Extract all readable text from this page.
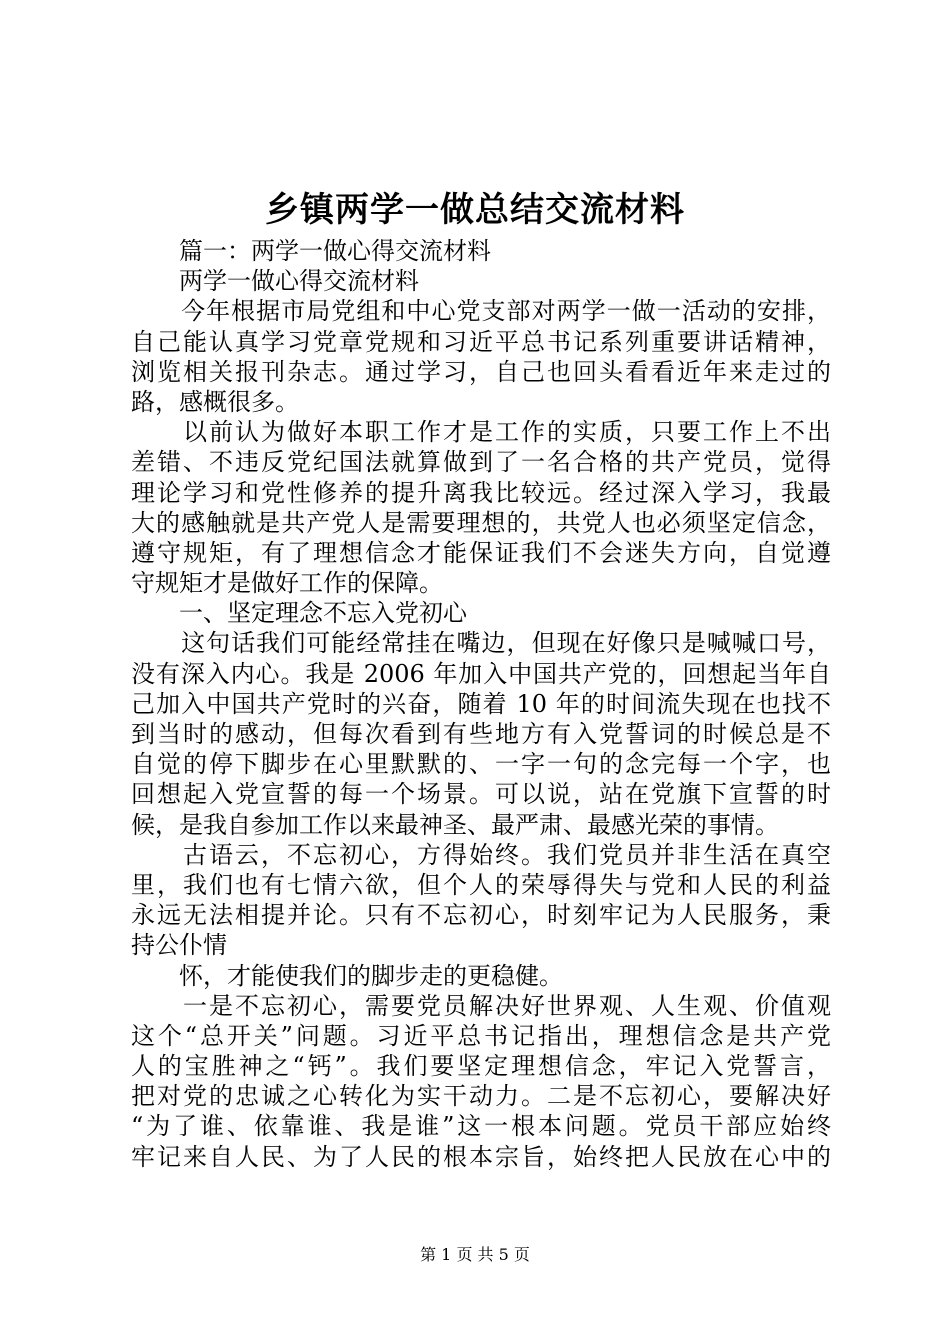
乡镇两学一做总结交流材料
　　篇一：两学一做心得交流材料
　　两学一做心得交流材料
　　今年根据市局党组和中心党支部对两学一做一活动的安排，
自己能认真学习党章党规和习近平总书记系列重要讲话精神，
浏览相关报刊杂志。通过学习，自己也回头看看近年来走过的
路，感概很多。
　　以前认为做好本职工作才是工作的实质，只要工作上不出
差错、不违反党纪国法就算做到了一名合格的共产党员，觉得
理论学习和党性修养的提升离我比较远。经过深入学习，我最
大的感触就是共产党人是需要理想的，共党人也必须坚定信念，
遵守规矩，有了理想信念才能保证我们不会迷失方向，自觉遵
守规矩才是做好工作的保障。
　　一、坚定理念不忘入党初心
　　这句话我们可能经常挂在嘴边，但现在好像只是喊喊口号，
没有深入内心。我是 2006 年加入中国共产党的，回想起当年自
己加入中国共产党时的兴奋，随着 10 年的时间流失现在也找不
到当时的感动，但每次看到有些地方有入党誓词的时候总是不
自觉的停下脚步在心里默默的、一字一句的念完每一个字，也
回想起入党宣誓的每一个场景。可以说，站在党旗下宣誓的时
候，是我自参加工作以来最神圣、最严肃、最感光荣的事情。
　　古语云，不忘初心，方得始终。我们党员并非生活在真空
里，我们也有七情六欲，但个人的荣辱得失与党和人民的利益
永远无法相提并论。只有不忘初心，时刻牢记为人民服务，秉
持公仆情
　　怀，才能使我们的脚步走的更稳健。
　　一是不忘初心，需要党员解决好世界观、人生观、价值观
这个“总开关”问题。习近平总书记指出，理想信念是共产党
人的宝胜神之“钙”。我们要坚定理想信念，牢记入党誓言，
把对党的忠诚之心转化为实干动力。二是不忘初心，要解决好
“为了谁、依靠谁、我是谁”这一根本问题。党员干部应始终
牢记来自人民、为了人民的根本宗旨，始终把人民放在心中的
第 1 页 共 5 页
